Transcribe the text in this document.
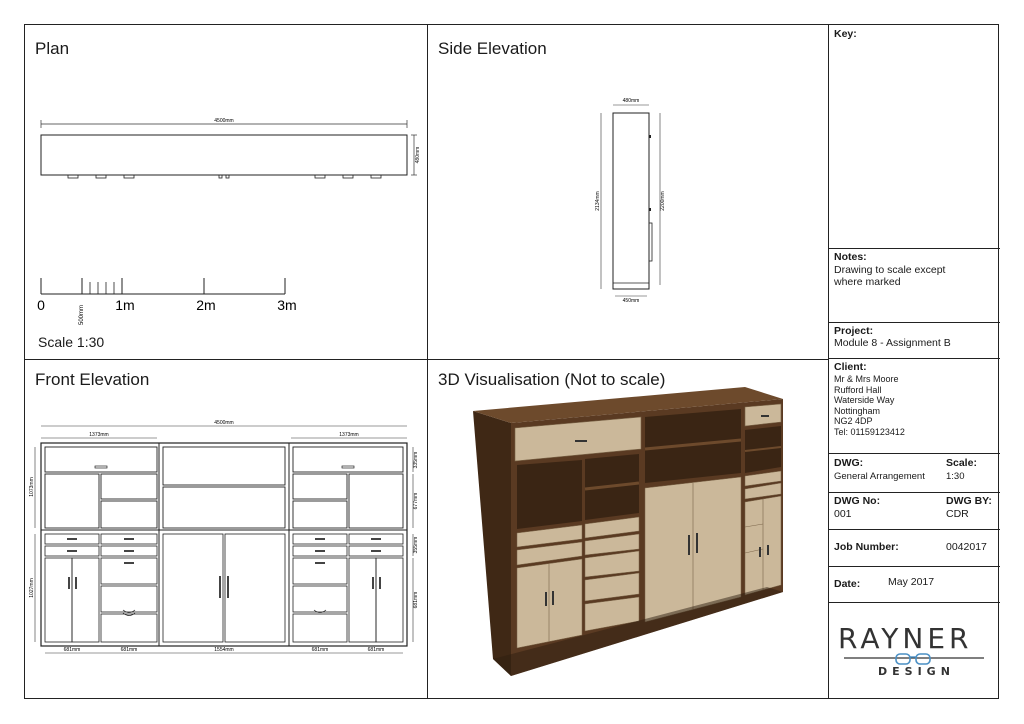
Plan
4500mm
480mm
0	1m	2m	3m
500mm
Scale 1:30
Side Elevation
480mm
2134mm	2200mm
450mm
Front Elevation
4500mm
1373mm	1373mm
335mm
677mm
355mm
681mm
1073mm
1027mm
681mm	681mm	1554mm	681mm	681mm
3D Visualisation (Not to scale)
Key:
Notes:
Drawing to scale except
where marked
Project:
Module 8 - Assignment B
Client:
Mr & Mrs Moore
Rufford Hall
Waterside Way
Nottingham
NG2 4DP
Tel: 01159123412
DWG:
General Arrangement
Scale:
1:30
DWG No:
001
DWG BY:
CDR
Job Number:	0042017
Date:	May 2017
RAYNER
DESIGN
